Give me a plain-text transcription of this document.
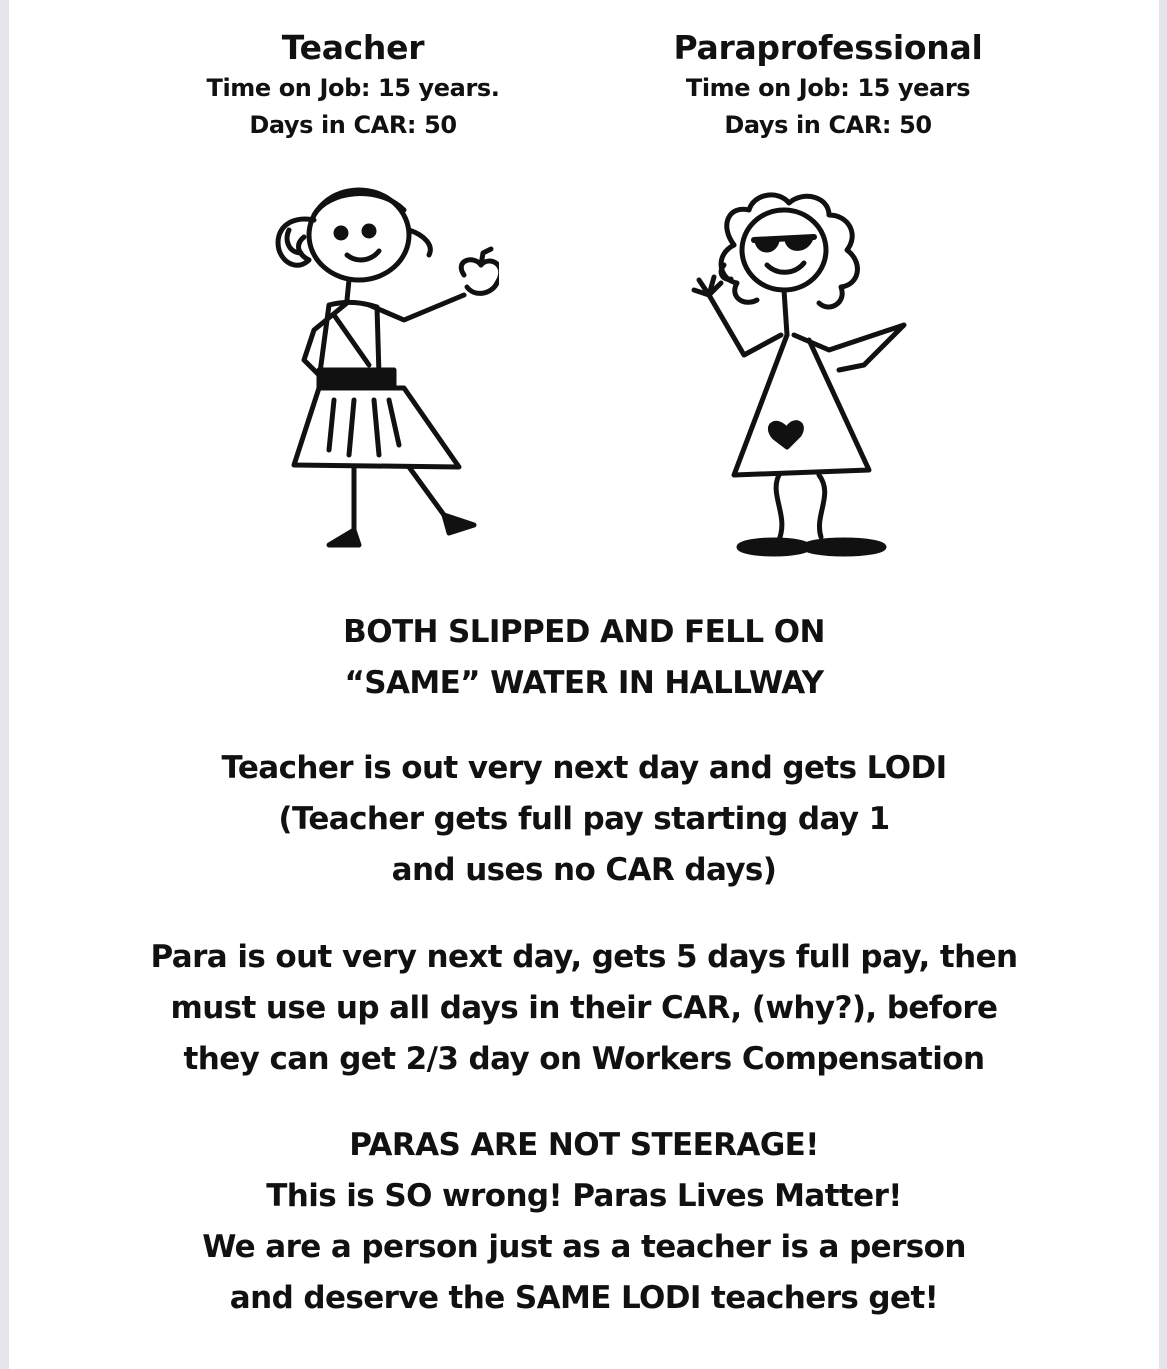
Teacher
Time on Job: 15 years.
Days in CAR: 50
Paraprofessional
Time on Job: 15 years
Days in CAR: 50
BOTH SLIPPED AND FELL ON
“SAME” WATER IN HALLWAY
Teacher is out very next day and gets LODI
(Teacher gets full pay starting day 1
and uses no CAR days)
Para is out very next day, gets 5 days full pay, then
must use up all days in their CAR, (why?), before
they can get 2/3 day on Workers Compensation
PARAS ARE NOT STEERAGE!
This is SO wrong! Paras Lives Matter!
We are a person just as a teacher is a person
and deserve the SAME LODI teachers get!
